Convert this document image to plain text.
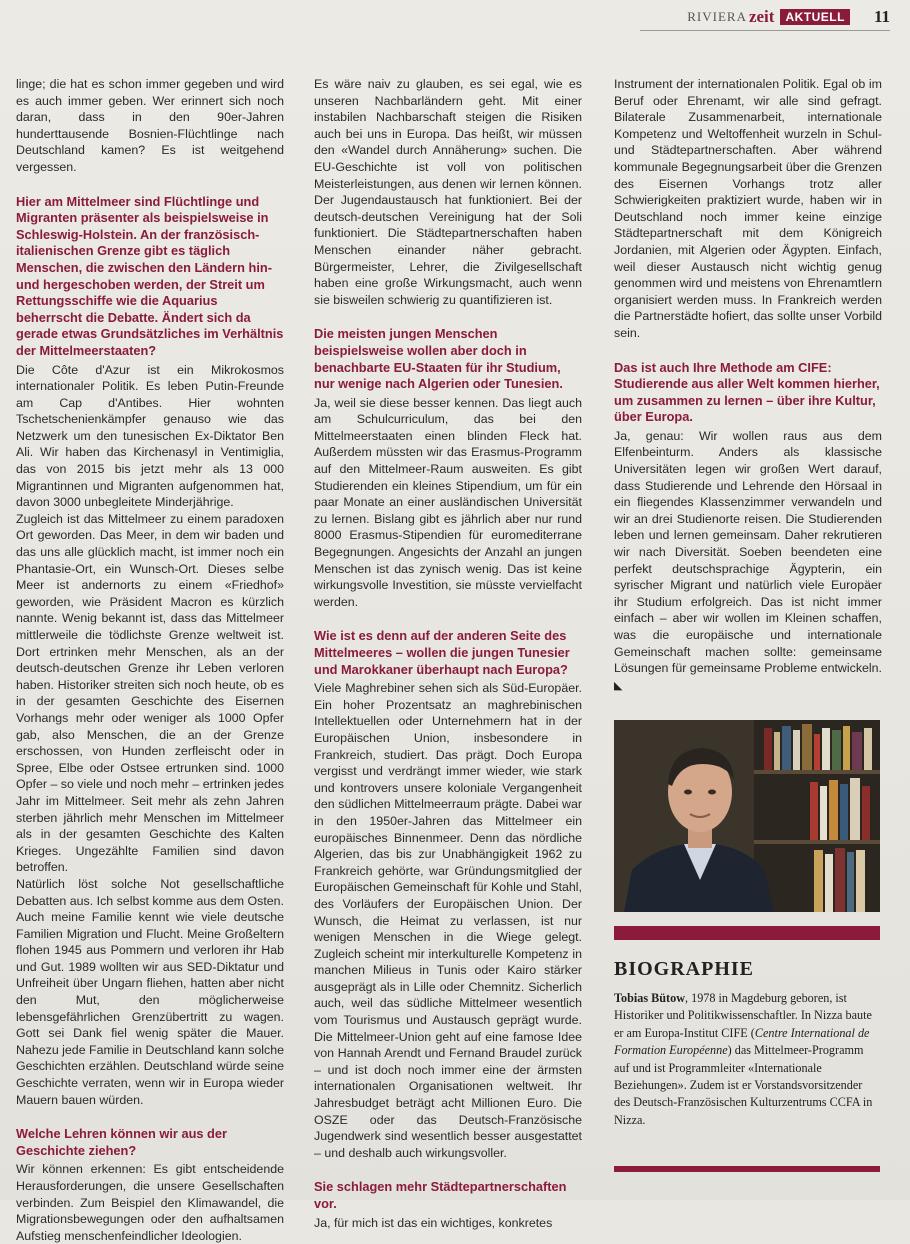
RIVIERA zeit AKTUELL 11

linge; die hat es schon immer gegeben und wird es auch immer geben. Wer erinnert sich noch daran, dass in den 90er-Jahren hunderttausende Bosnien-Flüchtlinge nach Deutschland kamen? Es ist weitgehend vergessen.

Hier am Mittelmeer sind Flüchtlinge und Migranten präsenter als beispielsweise in Schleswig-Holstein. An der französisch-italienischen Grenze gibt es täglich Menschen, die zwischen den Ländern hin- und hergeschoben werden, der Streit um Rettungsschiffe wie die Aquarius beherrscht die Debatte. Ändert sich da gerade etwas Grundsätzliches im Verhältnis der Mittelmeerstaaten?

Die Côte d'Azur ist ein Mikrokosmos internationaler Politik. Es leben Putin-Freunde am Cap d'Antibes. Hier wohnten Tschetschenienkämpfer genauso wie das Netzwerk um den tunesischen Ex-Diktator Ben Ali. Wir haben das Kirchenasyl in Ventimiglia, das von 2015 bis jetzt mehr als 13 000 Migrantinnen und Migranten aufgenommen hat, davon 3000 unbegleitete Minderjährige.

Zugleich ist das Mittelmeer zu einem paradoxen Ort geworden. Das Meer, in dem wir baden und das uns alle glücklich macht, ist immer noch ein Phantasie-Ort, ein Wunsch-Ort. Dieses selbe Meer ist andernorts zu einem «Friedhof» geworden, wie Präsident Macron es kürzlich nannte. Wenig bekannt ist, dass das Mittelmeer mittlerweile die tödlichste Grenze weltweit ist. Dort ertrinken mehr Menschen, als an der deutsch-deutschen Grenze ihr Leben verloren haben. Historiker streiten sich noch heute, ob es in der gesamten Geschichte des Eisernen Vorhangs mehr oder weniger als 1000 Opfer gab, also Menschen, die an der Grenze erschossen, von Hunden zerfleischt oder in Spree, Elbe oder Ostsee ertrunken sind. 1000 Opfer – so viele und noch mehr – ertrinken jedes Jahr im Mittelmeer. Seit mehr als zehn Jahren sterben jährlich mehr Menschen im Mittelmeer als in der gesamten Geschichte des Kalten Krieges. Ungezählte Familien sind davon betroffen.

Natürlich löst solche Not gesellschaftliche Debatten aus. Ich selbst komme aus dem Osten. Auch meine Familie kennt wie viele deutsche Familien Migration und Flucht. Meine Großeltern flohen 1945 aus Pommern und verloren ihr Hab und Gut. 1989 wollten wir aus SED-Diktatur und Unfreiheit über Ungarn fliehen, hatten aber nicht den Mut, den möglicherweise lebensgefährlichen Grenzübertritt zu wagen. Gott sei Dank fiel wenig später die Mauer. Nahezu jede Familie in Deutschland kann solche Geschichten erzählen. Deutschland würde seine Geschichte verraten, wenn wir in Europa wieder Mauern bauen würden.

Welche Lehren können wir aus der Geschichte ziehen?

Wir können erkennen: Es gibt entscheidende Herausforderungen, die unsere Gesellschaften verbinden. Zum Beispiel den Klimawandel, die Migrationsbewegungen oder den aufhaltsamen Aufstieg menschenfeindlicher Ideologien.

Es wäre naiv zu glauben, es sei egal, wie es unseren Nachbarländern geht. Mit einer instabilen Nachbarschaft steigen die Risiken auch bei uns in Europa. Das heißt, wir müssen den «Wandel durch Annäherung» suchen. Die EU-Geschichte ist voll von politischen Meisterleistungen, aus denen wir lernen können. Der Jugendaustausch hat funktioniert. Bei der deutsch-deutschen Vereinigung hat der Soli funktioniert. Die Städtepartnerschaften haben Menschen einander näher gebracht. Bürgermeister, Lehrer, die Zivilgesellschaft haben eine große Wirkungsmacht, auch wenn sie bisweilen schwierig zu quantifizieren ist.

Die meisten jungen Menschen beispielsweise wollen aber doch in benachbarte EU-Staaten für ihr Studium, nur wenige nach Algerien oder Tunesien.

Ja, weil sie diese besser kennen. Das liegt auch am Schulcurriculum, das bei den Mittelmeerstaaten einen blinden Fleck hat. Außerdem müssten wir das Erasmus-Programm auf den Mittelmeer-Raum ausweiten. Es gibt Studierenden ein kleines Stipendium, um für ein paar Monate an einer ausländischen Universität zu lernen. Bislang gibt es jährlich aber nur rund 8000 Erasmus-Stipendien für euromediterrane Begegnungen. Angesichts der Anzahl an jungen Menschen ist das zynisch wenig. Das ist keine wirkungsvolle Investition, sie müsste vervielfacht werden.

Wie ist es denn auf der anderen Seite des Mittelmeeres – wollen die jungen Tunesier und Marokkaner überhaupt nach Europa?

Viele Maghrebiner sehen sich als Süd-Europäer. Ein hoher Prozentsatz an maghrebinischen Intellektuellen oder Unternehmern hat in der Europäischen Union, insbesondere in Frankreich, studiert. Das prägt. Doch Europa vergisst und verdrängt immer wieder, wie stark und kontrovers unsere koloniale Vergangenheit den südlichen Mittelmeerraum prägte. Dabei war in den 1950er-Jahren das Mittelmeer ein europäisches Binnenmeer. Denn das nördliche Algerien, das bis zur Unabhängigkeit 1962 zu Frankreich gehörte, war Gründungsmitglied der Europäischen Gemeinschaft für Kohle und Stahl, des Vorläufers der Europäischen Union. Der Wunsch, die Heimat zu verlassen, ist nur wenigen Menschen in die Wiege gelegt. Zugleich scheint mir interkulturelle Kompetenz in manchen Milieus in Tunis oder Kairo stärker ausgeprägt als in Lille oder Chemnitz. Sicherlich auch, weil das südliche Mittelmeer wesentlich vom Tourismus und Austausch geprägt wurde. Die Mittelmeer-Union geht auf eine famose Idee von Hannah Arendt und Fernand Braudel zurück – und ist doch noch immer eine der ärmsten internationalen Organisationen weltweit. Ihr Jahresbudget beträgt acht Millionen Euro. Die OSZE oder das Deutsch-Französische Jugendwerk sind wesentlich besser ausgestattet – und deshalb auch wirkungsvoller.

Sie schlagen mehr Städtepartnerschaften vor.

Ja, für mich ist das ein wichtiges, konkretes

Instrument der internationalen Politik. Egal ob im Beruf oder Ehrenamt, wir alle sind gefragt. Bilaterale Zusammenarbeit, internationale Kompetenz und Weltoffenheit wurzeln in Schul- und Städtepartnerschaften. Aber während kommunale Begegnungsarbeit über die Grenzen des Eisernen Vorhangs trotz aller Schwierigkeiten praktiziert wurde, haben wir in Deutschland noch immer keine einzige Städtepartnerschaft mit dem Königreich Jordanien, mit Algerien oder Ägypten. Einfach, weil dieser Austausch nicht wichtig genug genommen wird und meistens von Ehrenamtlern organisiert werden muss. In Frankreich werden die Partnerstädte hofiert, das sollte unser Vorbild sein.

Das ist auch Ihre Methode am CIFE: Studierende aus aller Welt kommen hierher, um zusammen zu lernen – über ihre Kultur, über Europa.

Ja, genau: Wir wollen raus aus dem Elfenbeinturm. Anders als klassische Universitäten legen wir großen Wert darauf, dass Studierende und Lehrende den Hörsaal in ein fliegendes Klassenzimmer verwandeln und wir an drei Studienorte reisen. Die Studierenden leben und lernen gemeinsam. Daher rekrutieren wir nach Diversität. Soeben beendeten eine perfekt deutschsprachige Ägypterin, ein syrischer Migrant und natürlich viele Europäer ihr Studium erfolgreich. Das ist nicht immer einfach – aber wir wollen im Kleinen schaffen, was die europäische und internationale Gemeinschaft machen sollte: gemeinsame Lösungen für gemeinsame Probleme entwickeln. ◣

BIOGRAPHIE
Tobias Bütow, 1978 in Magdeburg geboren, ist Historiker und Politikwissenschaftler. In Nizza baute er am Europa-Institut CIFE (Centre International de Formation Européenne) das Mittelmeer-Programm auf und ist Programmleiter «Internationale Beziehungen». Zudem ist er Vorstandsvorsitzender des Deutsch-Französischen Kulturzentrums CCFA in Nizza.
